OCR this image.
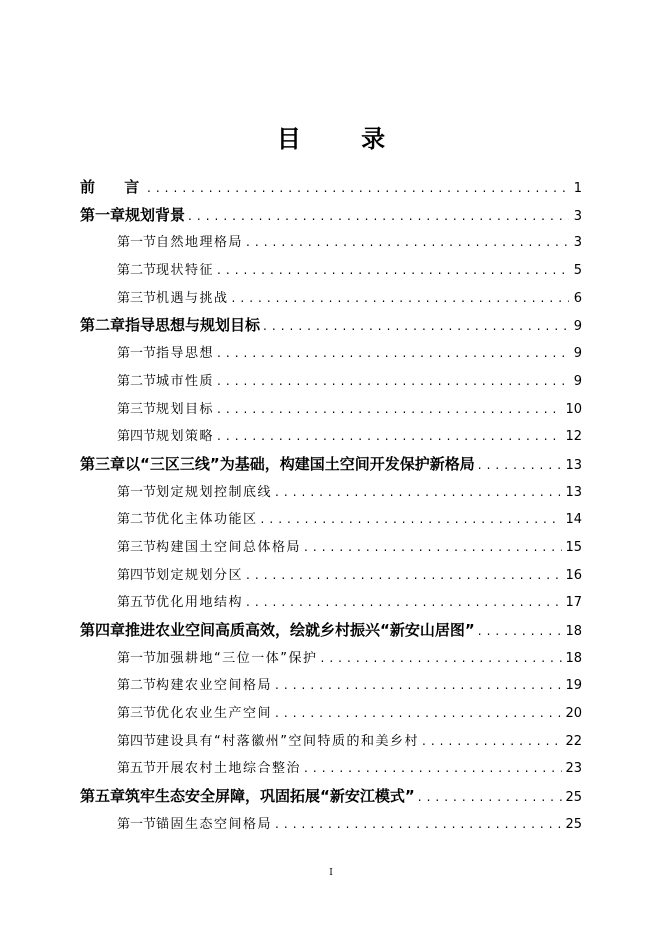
目 录
前 言 . . .	1
第一章 规划背景 . . .	3
第一节 自然地理格局 . . .	3
第二节 现状特征 . . .	5
第三节 机遇与挑战 . . .	6
第二章 指导思想与规划目标 . . .	9
第一节 指导思想 . . .	9
第二节 城市性质 . . .	9
第三节 规划目标 . . .	10
第四节 规划策略 . . .	12
第三章 以“三区三线”为基础，构建国土空间开发保护新格局 . . .	13
第一节 划定规划控制底线 . . .	13
第二节 优化主体功能区 . . .	14
第三节 构建国土空间总体格局 . . .	15
第四节 划定规划分区 . . .	16
第五节 优化用地结构 . . .	17
第四章 推进农业空间高质高效，绘就乡村振兴“新安山居图” . . .	18
第一节 加强耕地“三位一体”保护 . . .	18
第二节 构建农业空间格局 . . .	19
第三节 优化农业生产空间 . . .	20
第四节 建设具有“村落徽州”空间特质的和美乡村 . . .	22
第五节 开展农村土地综合整治 . . .	23
第五章 筑牢生态安全屏障，巩固拓展“新安江模式” . . .	25
第一节 锚固生态空间格局 . . .	25
I
